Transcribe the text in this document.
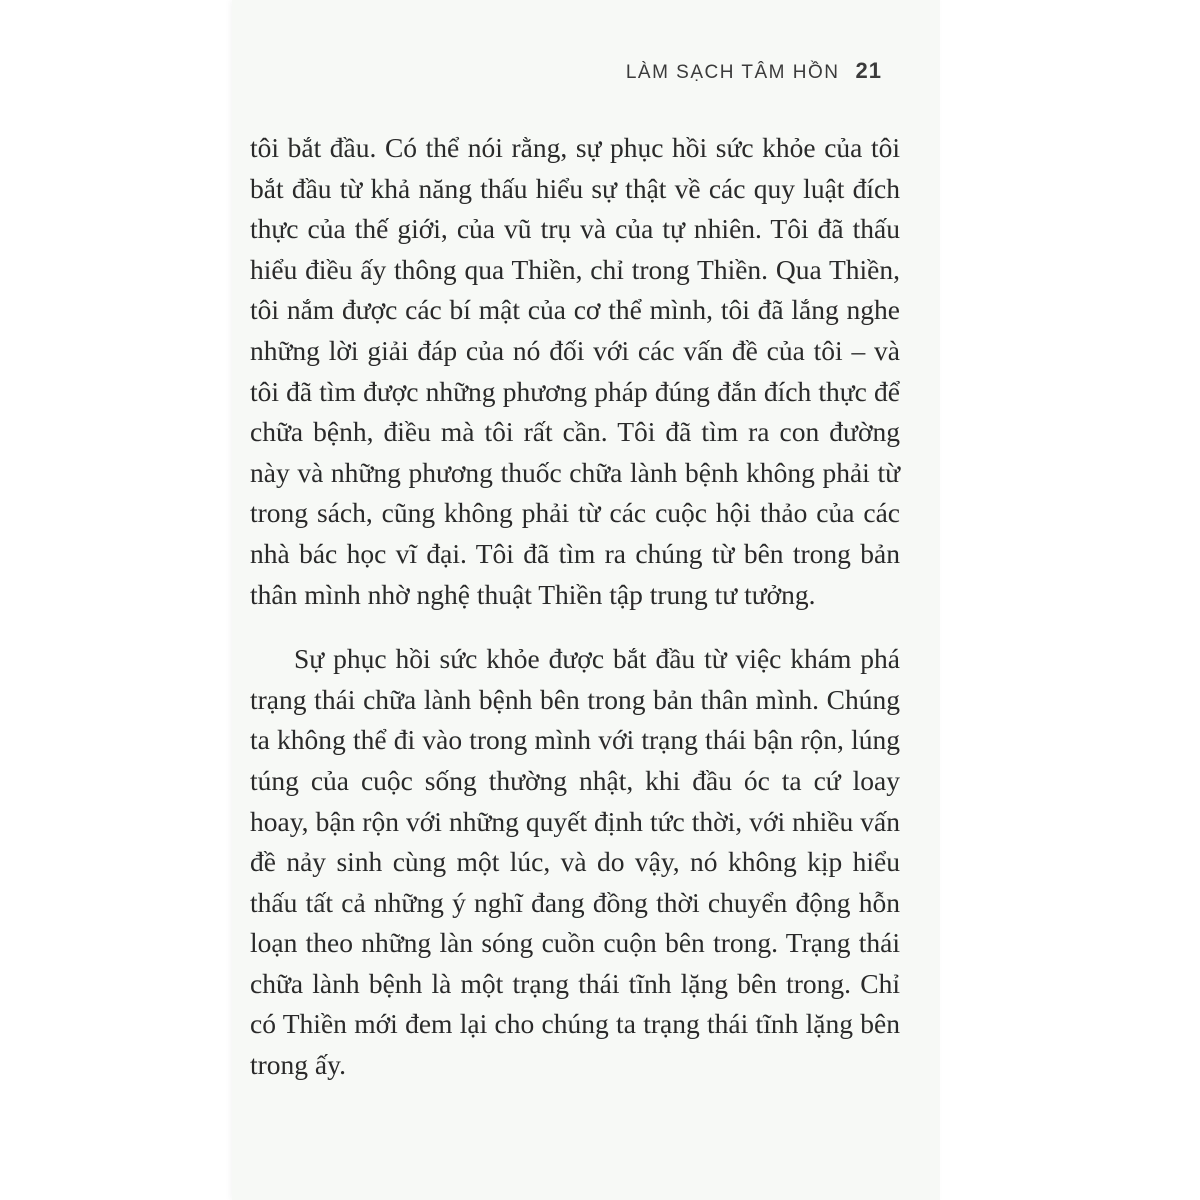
LÀM SẠCH TÂM HỒN 21

tôi bắt đầu. Có thể nói rằng, sự phục hồi sức khỏe của tôi bắt đầu từ khả năng thấu hiểu sự thật về các quy luật đích thực của thế giới, của vũ trụ và của tự nhiên. Tôi đã thấu hiểu điều ấy thông qua Thiền, chỉ trong Thiền. Qua Thiền, tôi nắm được các bí mật của cơ thể mình, tôi đã lắng nghe những lời giải đáp của nó đối với các vấn đề của tôi – và tôi đã tìm được những phương pháp đúng đắn đích thực để chữa bệnh, điều mà tôi rất cần. Tôi đã tìm ra con đường này và những phương thuốc chữa lành bệnh không phải từ trong sách, cũng không phải từ các cuộc hội thảo của các nhà bác học vĩ đại. Tôi đã tìm ra chúng từ bên trong bản thân mình nhờ nghệ thuật Thiền tập trung tư tưởng.

Sự phục hồi sức khỏe được bắt đầu từ việc khám phá trạng thái chữa lành bệnh bên trong bản thân mình. Chúng ta không thể đi vào trong mình với trạng thái bận rộn, lúng túng của cuộc sống thường nhật, khi đầu óc ta cứ loay hoay, bận rộn với những quyết định tức thời, với nhiều vấn đề nảy sinh cùng một lúc, và do vậy, nó không kịp hiểu thấu tất cả những ý nghĩ đang đồng thời chuyển động hỗn loạn theo những làn sóng cuồn cuộn bên trong. Trạng thái chữa lành bệnh là một trạng thái tĩnh lặng bên trong. Chỉ có Thiền mới đem lại cho chúng ta trạng thái tĩnh lặng bên trong ấy.
